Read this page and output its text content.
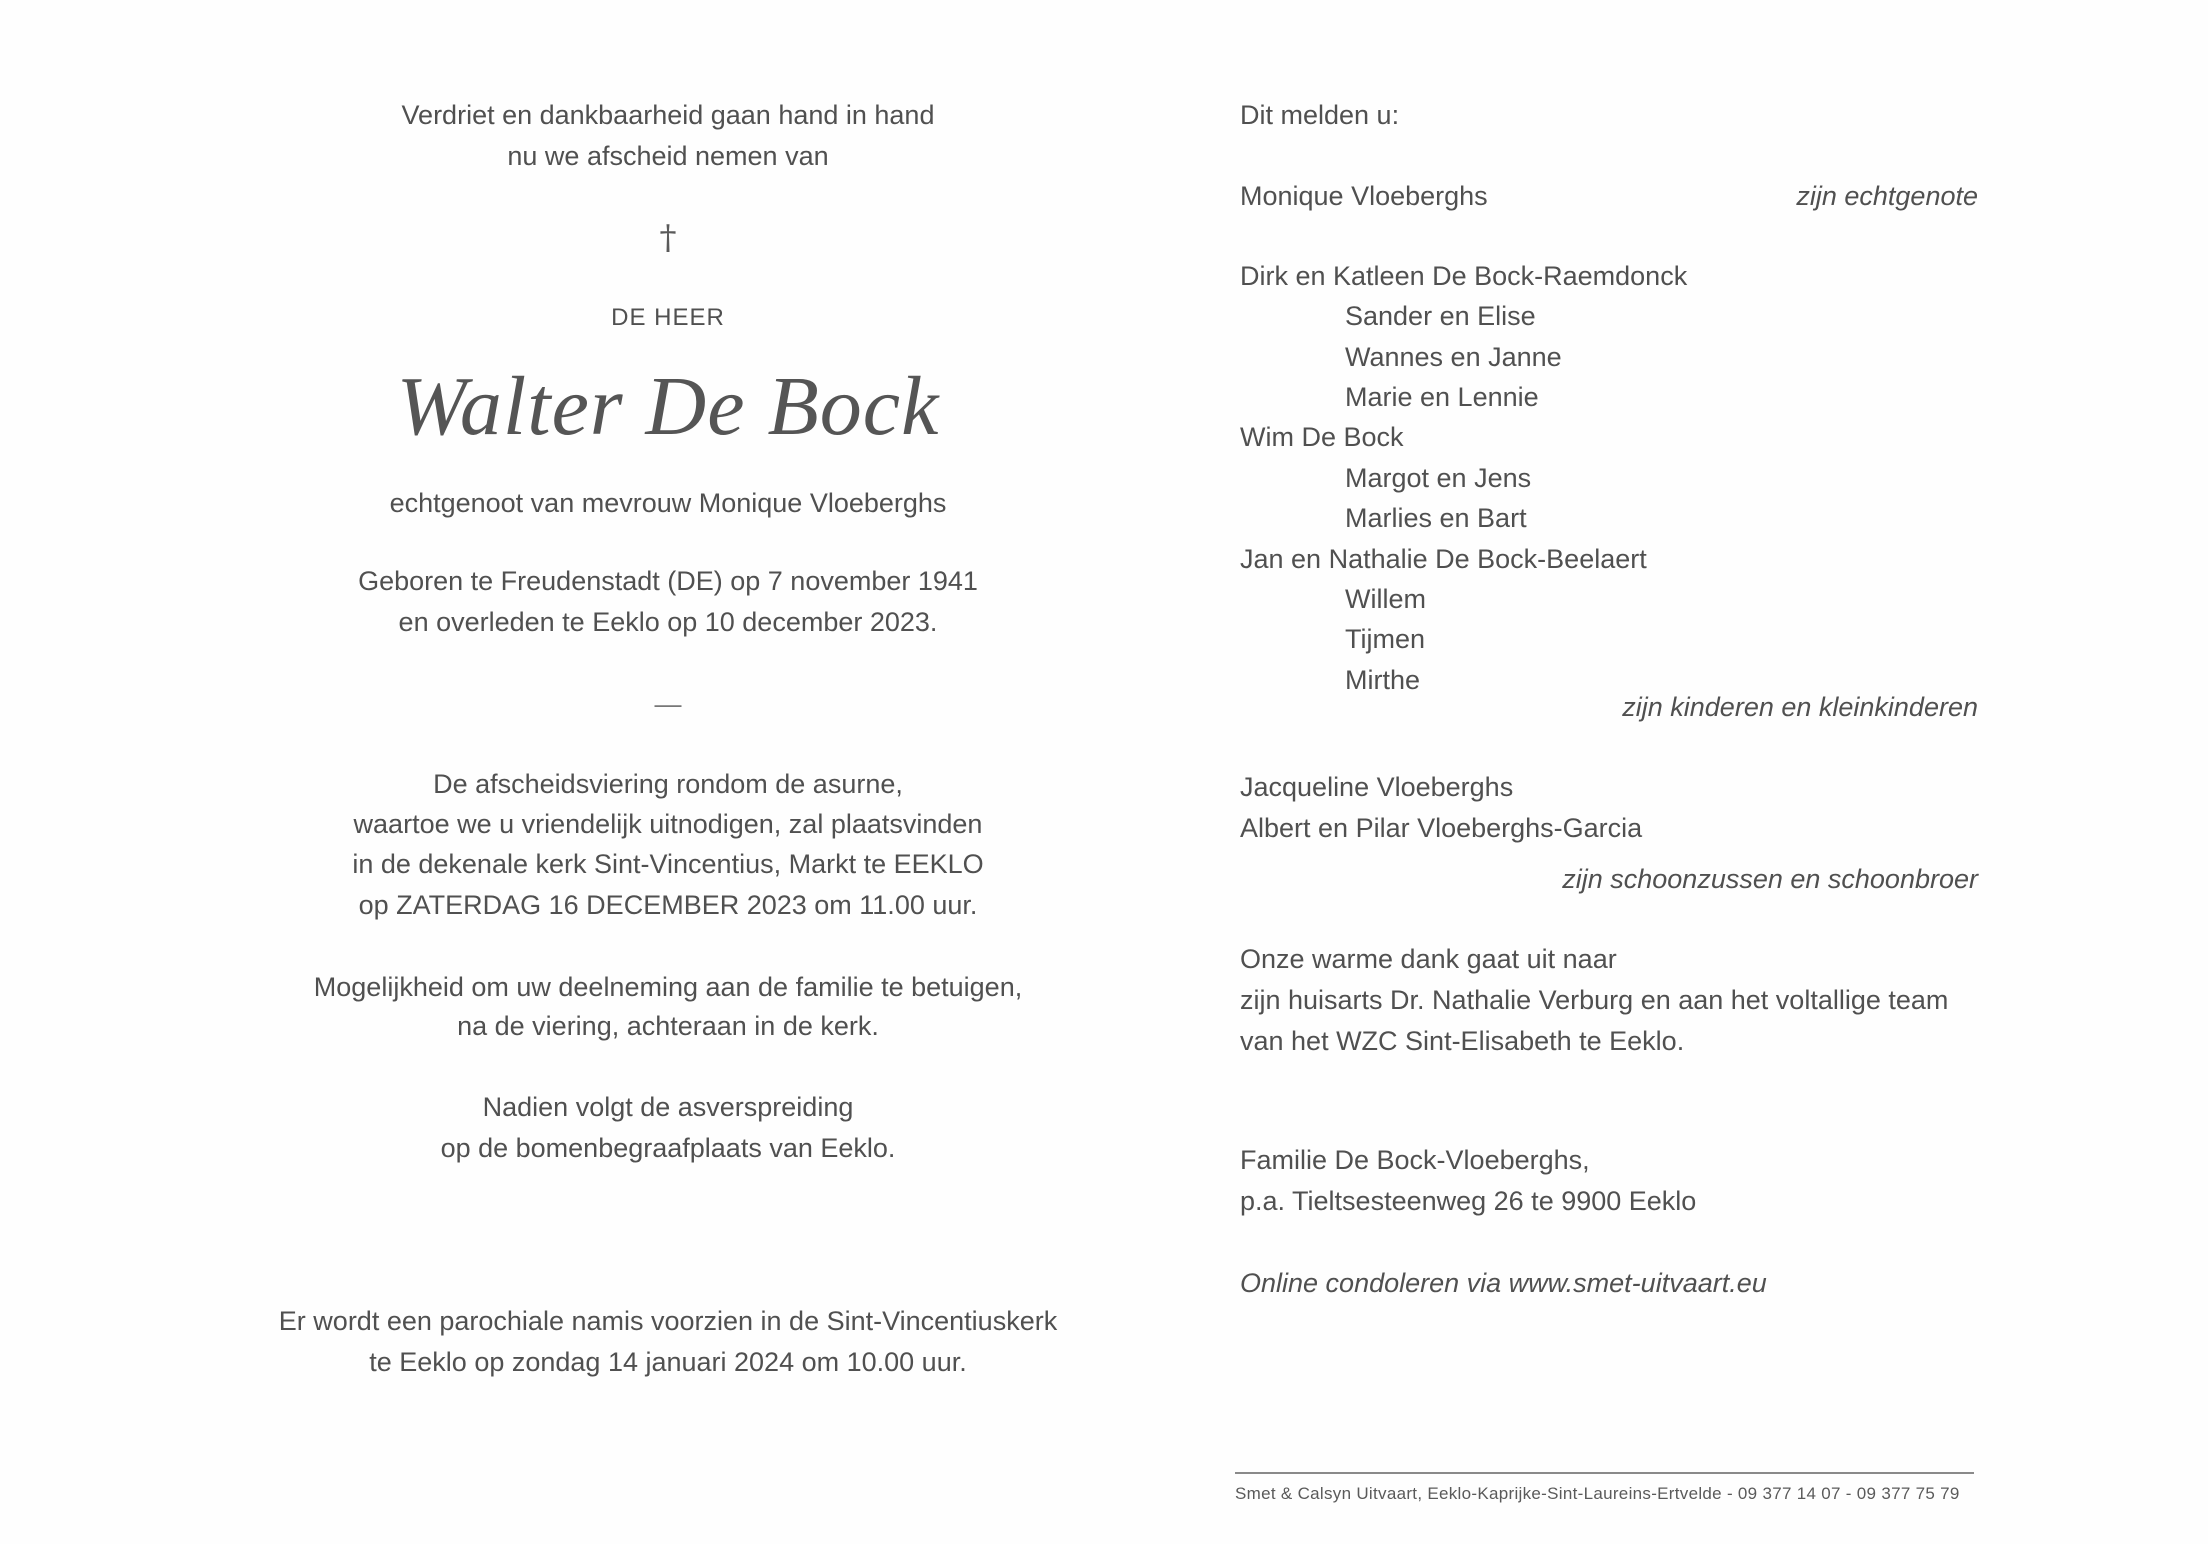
Verdriet en dankbaarheid gaan hand in hand
nu we afscheid nemen van
†
DE HEER
Walter De Bock
echtgenoot van mevrouw Monique Vloeberghs
Geboren te Freudenstadt (DE) op 7 november 1941
en overleden te Eeklo op 10 december 2023.
—
De afscheidsviering rondom de asurne,
waartoe we u vriendelijk uitnodigen, zal plaatsvinden
in de dekenale kerk Sint-Vincentius, Markt te EEKLO
op ZATERDAG 16 DECEMBER 2023 om 11.00 uur.
Mogelijkheid om uw deelneming aan de familie te betuigen,
na de viering, achteraan in de kerk.
Nadien volgt de asverspreiding
op de bomenbegraafplaats van Eeklo.
Er wordt een parochiale namis voorzien in de Sint-Vincentiuskerk
te Eeklo op zondag 14 januari 2024 om 10.00 uur.
Dit melden u:
Monique Vloeberghs	zijn echtgenote
Dirk en Katleen De Bock-Raemdonck
Sander en Elise
Wannes en Janne
Marie en Lennie
Wim De Bock
Margot en Jens
Marlies en Bart
Jan en Nathalie De Bock-Beelaert
Willem
Tijmen
Mirthe
zijn kinderen en kleinkinderen
Jacqueline Vloeberghs
Albert en Pilar Vloeberghs-Garcia
zijn schoonzussen en schoonbroer
Onze warme dank gaat uit naar
zijn huisarts Dr. Nathalie Verburg en aan het voltallige team
van het WZC Sint-Elisabeth te Eeklo.
Familie De Bock-Vloeberghs,
p.a. Tieltsesteenweg 26 te 9900 Eeklo
Online condoleren via www.smet-uitvaart.eu
Smet & Calsyn Uitvaart, Eeklo-Kaprijke-Sint-Laureins-Ertvelde - 09 377 14 07 - 09 377 75 79
